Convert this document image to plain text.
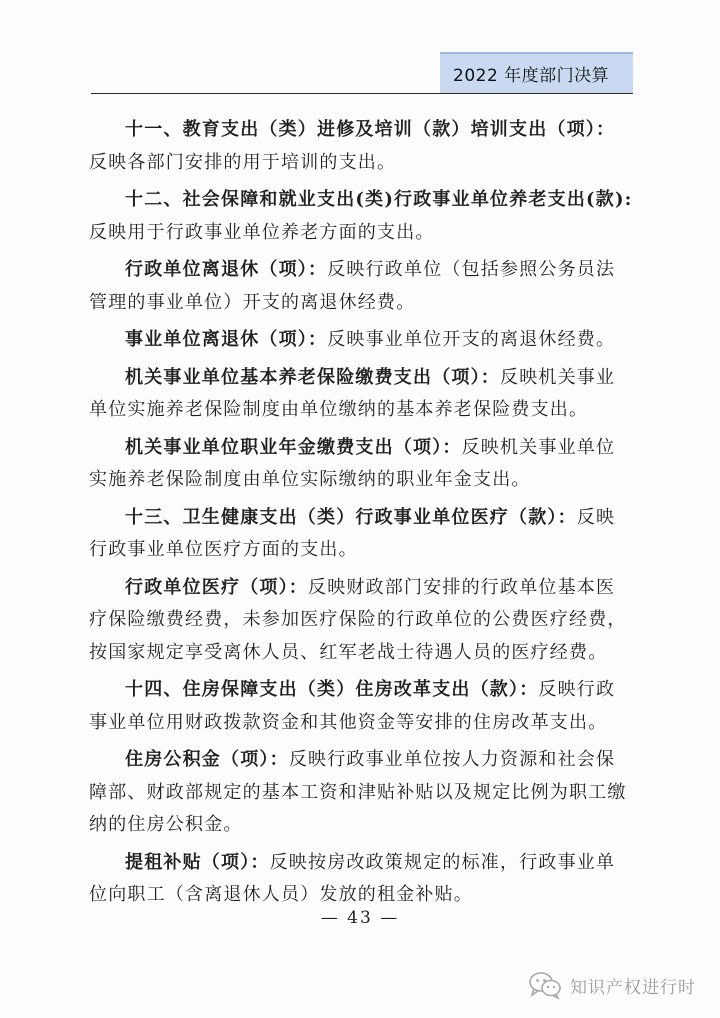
2022 年度部门决算

十一、教育支出（类）进修及培训（款）培训支出（项）：反映各部门安排的用于培训的支出。

十二、社会保障和就业支出(类)行政事业单位养老支出(款):反映用于行政事业单位养老方面的支出。

行政单位离退休（项）：反映行政单位（包括参照公务员法管理的事业单位）开支的离退休经费。

事业单位离退休（项）：反映事业单位开支的离退休经费。

机关事业单位基本养老保险缴费支出（项）：反映机关事业单位实施养老保险制度由单位缴纳的基本养老保险费支出。

机关事业单位职业年金缴费支出（项）：反映机关事业单位实施养老保险制度由单位实际缴纳的职业年金支出。

十三、卫生健康支出（类）行政事业单位医疗（款）：反映行政事业单位医疗方面的支出。

行政单位医疗（项）：反映财政部门安排的行政单位基本医疗保险缴费经费，未参加医疗保险的行政单位的公费医疗经费，按国家规定享受离休人员、红军老战士待遇人员的医疗经费。

十四、住房保障支出（类）住房改革支出（款）：反映行政事业单位用财政拨款资金和其他资金等安排的住房改革支出。

住房公积金（项）：反映行政事业单位按人力资源和社会保障部、财政部规定的基本工资和津贴补贴以及规定比例为职工缴纳的住房公积金。

提租补贴（项）：反映按房改政策规定的标准，行政事业单位向职工（含离退休人员）发放的租金补贴。

— 43 —
知识产权进行时
